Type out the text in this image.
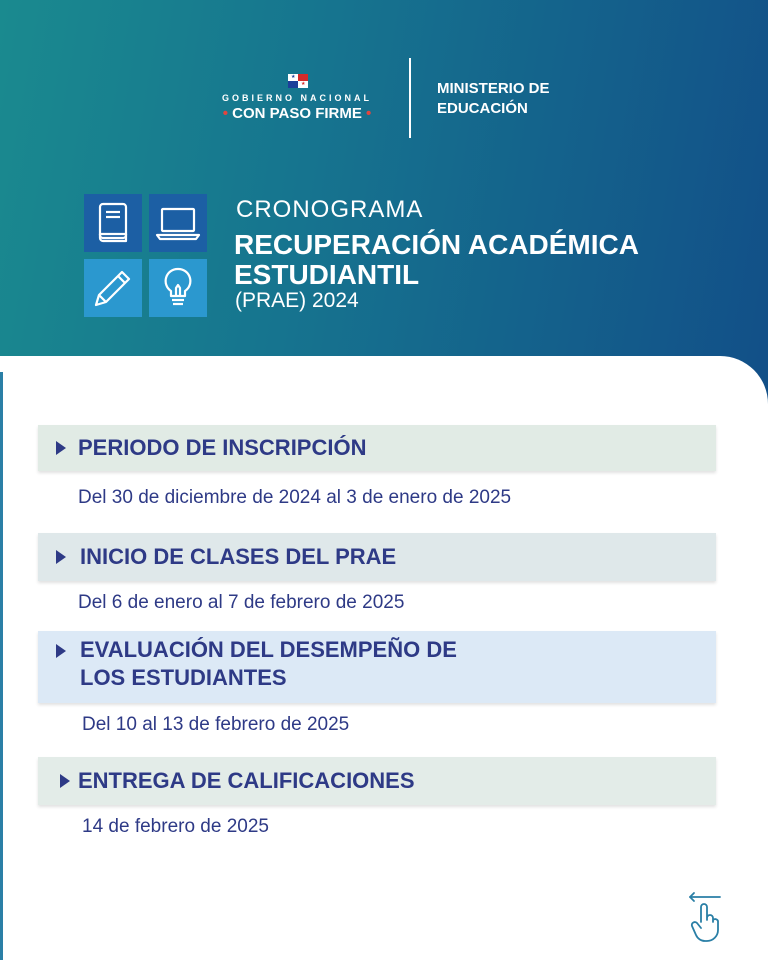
★
★
GOBIERNO NACIONAL
• CON PASO FIRME •
MINISTERIO DE
EDUCACIÓN
CRONOGRAMA
RECUPERACIÓN ACADÉMICA
ESTUDIANTIL
(PRAE) 2024
PERIODO DE INSCRIPCIÓN
Del 30 de diciembre de 2024 al 3 de enero de 2025
INICIO DE CLASES DEL PRAE
Del 6 de enero al 7 de febrero de 2025
EVALUACIÓN DEL DESEMPEÑO DE
LOS ESTUDIANTES
Del 10 al 13 de febrero de 2025
ENTREGA DE CALIFICACIONES
14 de febrero de 2025
